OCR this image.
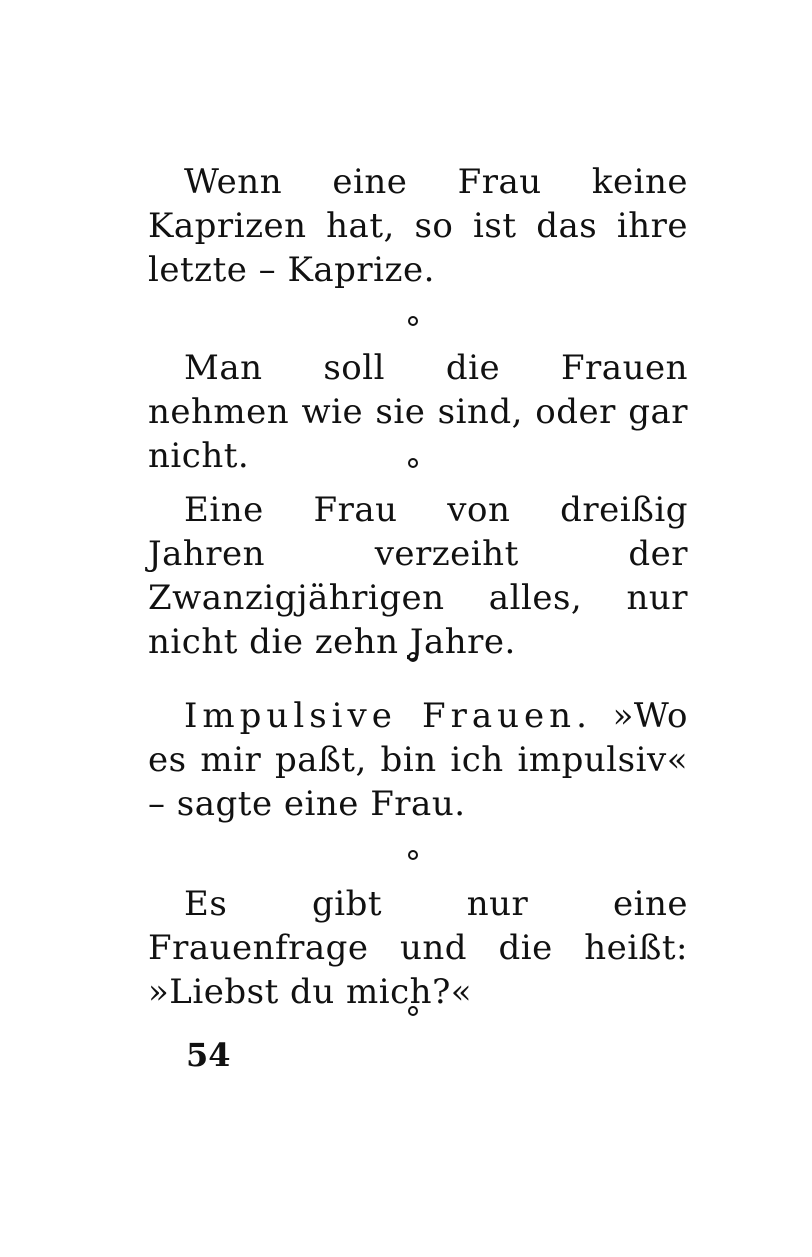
Wenn eine Frau keine Kaprizen hat, so ist das ihre letzte – Kaprize.

Man soll die Frauen nehmen wie sie sind, oder gar nicht.

Eine Frau von dreißig Jahren verzeiht der Zwanzigjährigen alles, nur nicht die zehn Jahre.

Impulsive Frauen. »Wo es mir paßt, bin ich impulsiv« – sagte eine Frau.

Es gibt nur eine Frauenfrage und die heißt: »Liebst du mich?«

54
